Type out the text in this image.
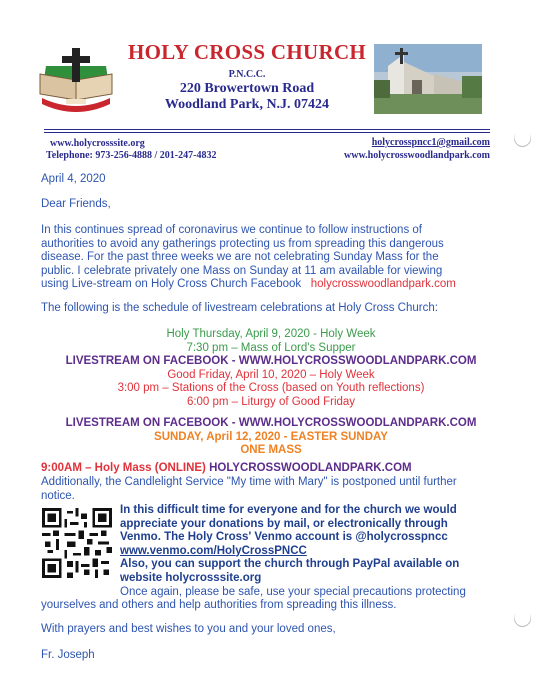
HOLY CROSS CHURCH
P.N.C.C.
220 Browertown Road
Woodland Park, N.J. 07424
www.holycrosssite.org	holycrosspncc1@gmail.com
Telephone: 973-256-4888 / 201-247-4832	www.holycrosswoodlandpark.com
April 4, 2020
Dear Friends,
In this continues spread of coronavirus we continue to follow instructions of
authorities to avoid any gatherings protecting us from spreading this dangerous
disease. For the past three weeks we are not celebrating Sunday Mass for the
public. I celebrate privately one Mass on Sunday at 11 am available for viewing
using Live-stream on Holy Cross Church Facebook holycrosswoodlandpark.com
The following is the schedule of livestream celebrations at Holy Cross Church:
Holy Thursday, April 9, 2020 - Holy Week
7:30 pm – Mass of Lord's Supper
LIVESTREAM ON FACEBOOK - WWW.HOLYCROSSWOODLANDPARK.COM
Good Friday, April 10, 2020 – Holy Week
3:00 pm – Stations of the Cross (based on Youth reflections)
6:00 pm – Liturgy of Good Friday
LIVESTREAM ON FACEBOOK - WWW.HOLYCROSSWOODLANDPARK.COM
SUNDAY, April 12, 2020 - EASTER SUNDAY
ONE MASS
9:00AM – Holy Mass (ONLINE) HOLYCROSSWOODLANDPARK.COM
Additionally, the Candlelight Service "My time with Mary" is postponed until further
notice.
In this difficult time for everyone and for the church we would
appreciate your donations by mail, or electronically through
Venmo. The Holy Cross' Venmo account is @holycrosspncc
www.venmo.com/HolyCrossPNCC
Also, you can support the church through PayPal available on
website holycrosssite.org
Once again, please be safe, use your special precautions protecting
yourselves and others and help authorities from spreading this illness.
With prayers and best wishes to you and your loved ones,
Fr. Joseph
